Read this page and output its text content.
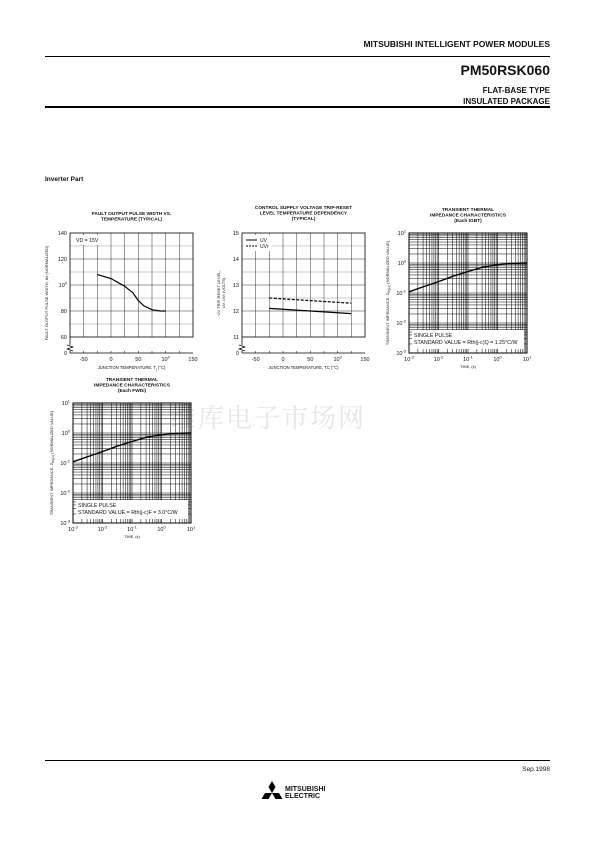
MITSUBISHI INTELLIGENT POWER MODULES
PM50RSK060
FLAT-BASE TYPE
INSULATED PACKAGE
Inverter Part
维库电子市场网
FAULT OUTPUT PULSE WIDTH VS.
TEMPERATURE (TYPICAL)
-50	0	50	$10^0$	150
0
60
80
$10^0$
120
140
JUNCTION TEMPERATURE, $T_j$ (°C)
FAULT OUTPUT PULSE WIDTH, tfo (NORMALIZED)
VD = 15V
CONTROL SUPPLY VOLTAGE TRIP-RESET
LEVEL TEMPERATURE DEPENDENCY
(TYPICAL)
-50	0	50	$10^0$	150
0
11
12
13
14
15
JUNCTION TEMPERATURE, TC (°C)
UV TRIP-RESET LEVEL, UV, UVr (VOLTS)
UV
UVr
TRANSIENT THERMAL
IMPEDANCE CHARACTERISTICS
(Each IGBT)
$10^{-3}$	$10^{-2}$	$10^{-1}$	$10^0$	$10^1$
$10^{-3}$
$10^{-2}$
$10^{-1}$
$10^0$
$10^1$
TIME, (s)
TRANSIENT IMPEDANCE, $Z_{th(j-c)}$ (NORMALIZED VALUE)
SINGLE PULSE
STANDARD VALUE = Rth(j-c)Q = 1.25°C/W
TRANSIENT THERMAL
IMPEDANCE CHARACTERISTICS
(Each FWDi)
$10^{-3}$	$10^{-2}$	$10^{-1}$	$10^0$	$10^1$
$10^{-3}$
$10^{-2}$
$10^{-1}$
$10^0$
$10^1$
TIME, (s)
TRANSIENT IMPEDANCE, $Z_{th(j-c)}$ (NORMALIZED VALUE)
SINGLE PULSE
STANDARD VALUE = Rth(j-c)F = 3.0°C/W
Sep.1998
MITSUBISHI
ELECTRIC
